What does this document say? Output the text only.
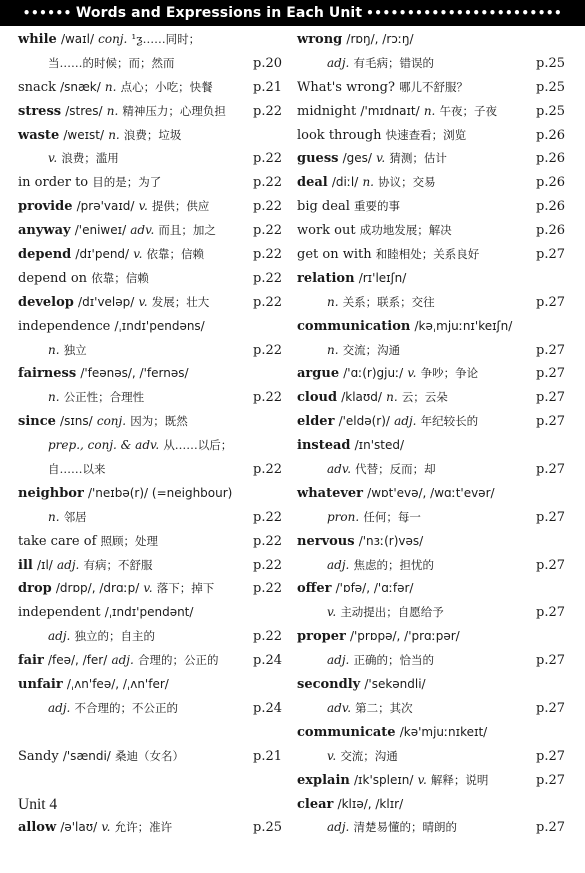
•••••• Words and Expressions in Each Unit ••••••••••••••••••••••••
while /waɪl/ conj. ¹ƺ……同时；
当……的时候；而；然而	p.20
snack /snæk/ n. 点心；小吃；快餐	p.21
stress /stres/ n. 精神压力；心理负担 p.22
waste /weɪst/ n. 浪费；垃圾
v. 浪费；滥用	p.22
in order to 目的是；为了	p.22
provide /prə'vaɪd/ v. 提供；供应	p.22
anyway /'eniweɪ/ adv. 而且；加之	p.22
depend /dɪ'pend/ v. 依靠；信赖	p.22
depend on 依靠；信赖	p.22
develop /dɪ'veləp/ v. 发展；壮大	p.22
independence /ˌɪndɪ'pendəns/
n. 独立	p.22
fairness /'feənəs/, /'fernəs/
n. 公正性；合理性	p.22
since /sɪns/ conj. 因为；既然
prep., conj. & adv. 从……以后；
自……以来	p.22
neighbor /'neɪbə(r)/ (=neighbour)
n. 邻居	p.22
take care of 照顾；处理	p.22
ill /ɪl/ adj. 有病；不舒服	p.22
drop /drɒp/, /drɑːp/ v. 落下；掉下	p.22
independent /ˌɪndɪ'pendənt/
adj. 独立的；自主的	p.22
fair /feə/, /fer/ adj. 合理的；公正的	p.24
unfair /ˌʌn'feə/, /ˌʌn'fer/
adj. 不合理的；不公正的	p.24
Sandy /'sændi/ 桑迪（女名）	p.21
Unit 4
allow /ə'laʊ/ v. 允许；准许	p.25
wrong /rɒŋ/, /rɔːŋ/
adj. 有毛病；错误的	p.25
What's wrong? 哪儿不舒服？	p.25
midnight /'mɪdnaɪt/ n. 午夜；子夜	p.25
look through 快速查看；浏览	p.26
guess /ges/ v. 猜测；估计	p.26
deal /diːl/ n. 协议；交易	p.26
big deal 重要的事	p.26
work out 成功地发展；解决	p.26
get on with 和睦相处；关系良好	p.27
relation /rɪ'leɪʃn/
n. 关系；联系；交往	p.27
communication /kəˌmjuːnɪ'keɪʃn/
n. 交流；沟通	p.27
argue /'ɑː(r)gjuː/ v. 争吵；争论	p.27
cloud /klaʊd/ n. 云；云朵	p.27
elder /'eldə(r)/ adj. 年纪较长的	p.27
instead /ɪn'sted/
adv. 代替；反而；却	p.27
whatever /wɒt'evə/, /wɑːt'evər/
pron. 任何；每一	p.27
nervous /'nɜː(r)vəs/
adj. 焦虑的；担忧的	p.27
offer /'ɒfə/, /'ɑːfər/
v. 主动提出；自愿给予	p.27
proper /'prɒpə/, /'prɑːpər/
adj. 正确的；恰当的	p.27
secondly /'sekəndli/
adv. 第二；其次	p.27
communicate /kə'mjuːnɪkeɪt/
v. 交流；沟通	p.27
explain /ɪk'spleɪn/ v. 解释；说明	p.27
clear /klɪə/, /klɪr/
adj. 清楚易懂的；晴朗的	p.27
